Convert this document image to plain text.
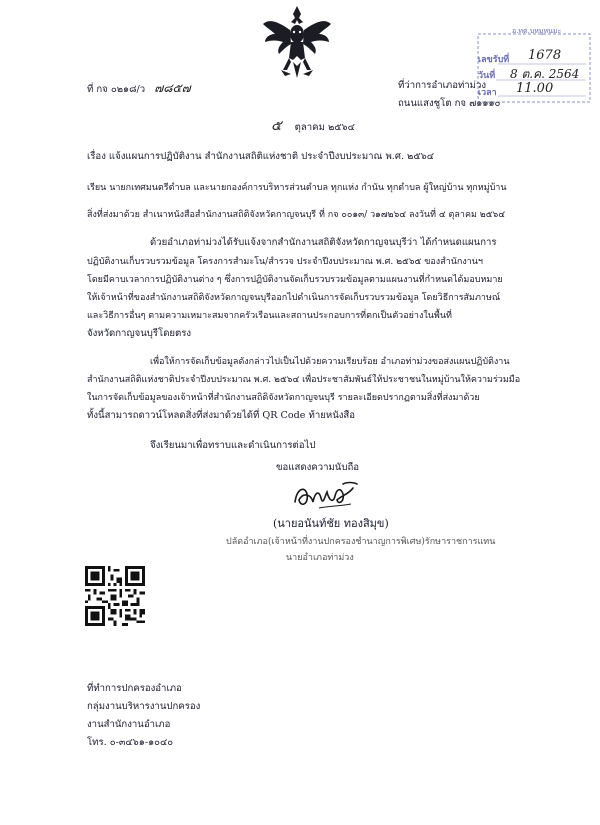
อ.ทต.บหมูหนมะ
เลขรับที่ 1678
วันที่ 8 ต.ค. 2564
เวลา 11.00
ที่ กจ ๐๒๑๘/ว ๗๘๕๗	ที่ว่าการอำเภอท่าม่วง
ถนนแสงชูโต กจ ๗๑๑๑๐
๕ ตุลาคม ๒๕๖๔
เรื่อง แจ้งแผนการปฏิบัติงาน สำนักงานสถิติแห่งชาติ ประจำปีงบประมาณ พ.ศ. ๒๕๖๔
เรียน นายกเทศมนตรีตำบล และนายกองค์การบริหารส่วนตำบล ทุกแห่ง กำนัน ทุกตำบล ผู้ใหญ่บ้าน ทุกหมู่บ้าน
สิ่งที่ส่งมาด้วย สำเนาหนังสือสำนักงานสถิติจังหวัดกาญจนบุรี ที่ กจ ๐๐๑๓/ ว๑๗๒๖๔ ลงวันที่ ๔ ตุลาคม ๒๕๖๔
ด้วยอำเภอท่าม่วงได้รับแจ้งจากสำนักงานสถิติจังหวัดกาญจนบุรีว่า ได้กำหนดแผนการ
ปฏิบัติงานเก็บรวบรวมข้อมูล โครงการสำมะโน/สำรวจ ประจำปีงบประมาณ พ.ศ. ๒๕๖๕ ของสำนักงานฯ
โดยมีคาบเวลาการปฏิบัติงานต่าง ๆ ซึ่งการปฏิบัติงานจัดเก็บรวบรวมข้อมูลตามแผนงานที่กำหนดได้มอบหมาย
ให้เจ้าหน้าที่ของสำนักงานสถิติจังหวัดกาญจนบุรีออกไปดำเนินการจัดเก็บรวบรวมข้อมูล โดยวิธีการสัมภาษณ์
และวิธีการอื่นๆ ตามความเหมาะสมจากครัวเรือนและสถานประกอบการที่ตกเป็นตัวอย่างในพื้นที่
จังหวัดกาญจนบุรีโดยตรง
เพื่อให้การจัดเก็บข้อมูลดังกล่าวไปเป็นไปด้วยความเรียบร้อย อำเภอท่าม่วงขอส่งแผนปฏิบัติงาน
สำนักงานสถิติแห่งชาติประจำปีงบประมาณ พ.ศ. ๒๕๖๔ เพื่อประชาสัมพันธ์ให้ประชาชนในหมู่บ้านให้ความร่วมมือ
ในการจัดเก็บข้อมูลของเจ้าหน้าที่สำนักงานสถิติจังหวัดกาญจนบุรี รายละเอียดปรากฏตามสิ่งที่ส่งมาด้วย
ทั้งนี้สามารถดาวน์โหลดสิ่งที่ส่งมาด้วยได้ที่ QR Code ท้ายหนังสือ
จึงเรียนมาเพื่อทราบและดำเนินการต่อไป
ขอแสดงความนับถือ
(นายอนันท์ชัย ทองสิมุข)
ปลัดอำเภอ(เจ้าหน้าที่งานปกครองชำนาญการพิเศษ)รักษาราชการแทน
นายอำเภอท่าม่วง
ที่ทำการปกครองอำเภอ
กลุ่มงานบริหารงานปกครอง
งานสำนักงานอำเภอ
โทร. ๐-๓๔๖๑-๑๐๔๐
